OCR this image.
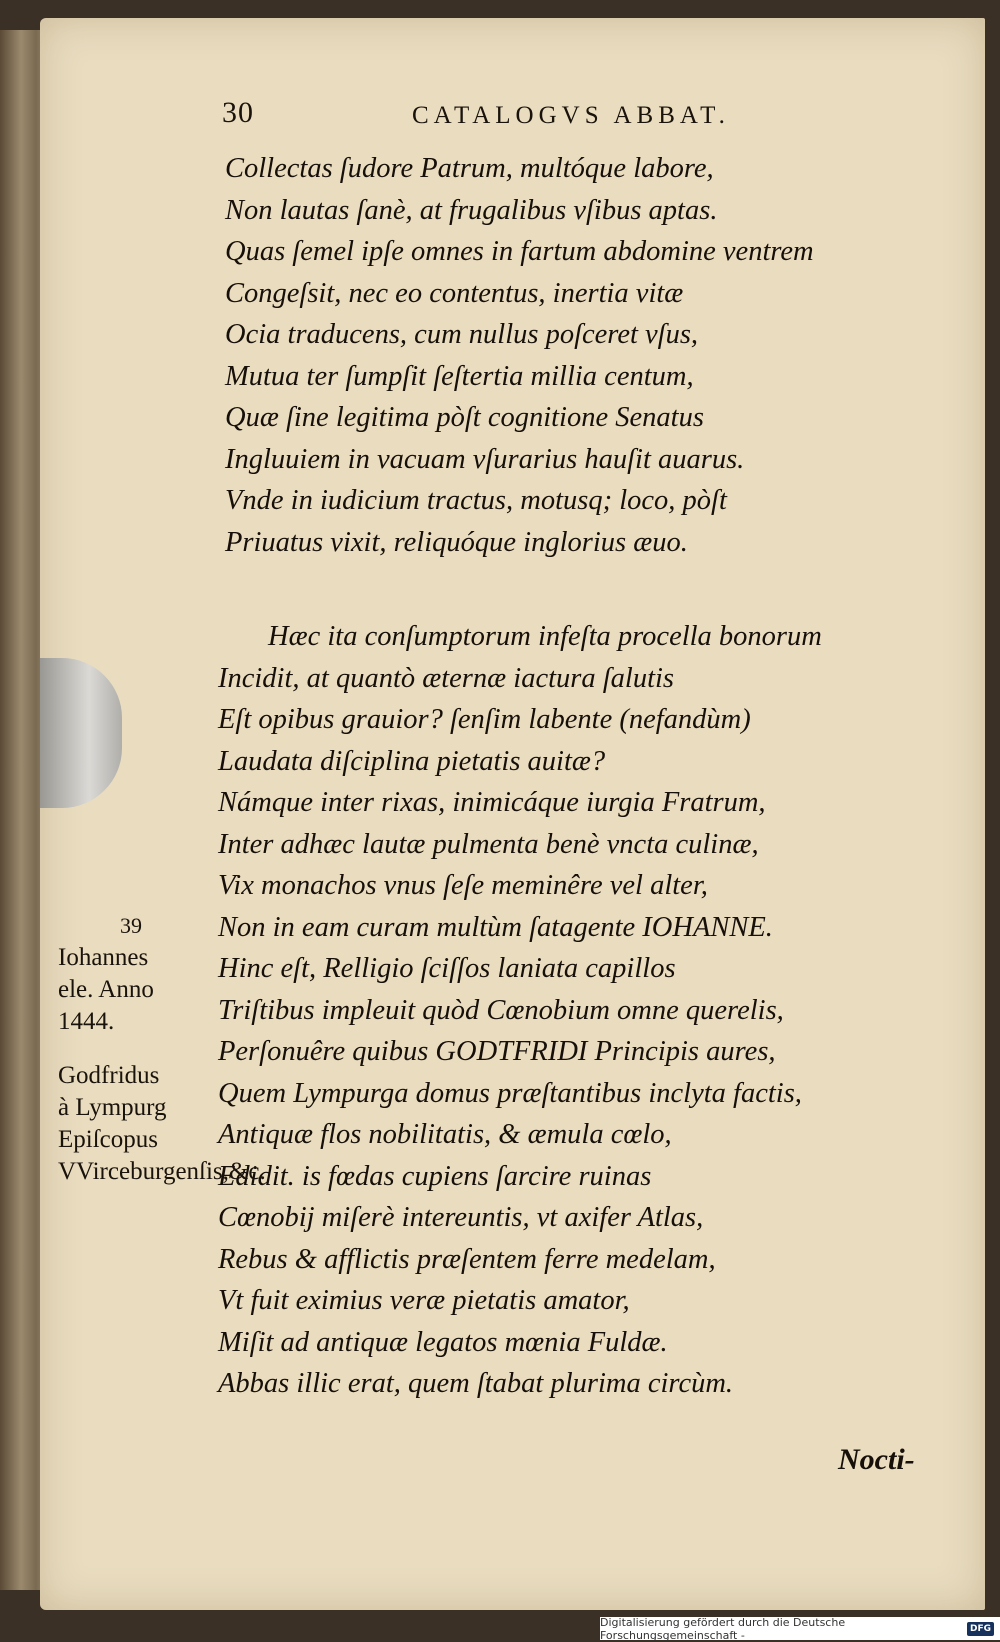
30	CATALOGVS ABBAT.
Collectas ſudore Patrum, multóque labore,
Non lautas ſanè, at frugalibus vſibus aptas.
Quas ſemel ipſe omnes in fartum abdomine ventrem
Congeſsit, nec eo contentus, inertia vitæ
Ocia traducens, cum nullus poſceret vſus,
Mutua ter ſumpſit ſeſtertia millia centum,
Quæ ſine legitima pòſt cognitione Senatus
Ingluuiem in vacuam vſurarius hauſit auarus.
Vnde in iudicium tractus, motusq; loco, pòſt
Priuatus vixit, reliquóque inglorius æuo.
Hæc ita conſumptorum infeſta procella bonorum
Incidit, at quantò æternæ iactura ſalutis
Eſt opibus grauior? ſenſim labente (nefandùm)
Laudata diſciplina pietatis auitæ?
Námque inter rixas, inimicáque iurgia Fratrum,
Inter adhæc lautæ pulmenta benè vncta culinæ,
Vix monachos vnus ſeſe meminêre vel alter,
Non in eam curam multùm ſatagente IOHANNE.
Hinc eſt, Relligio ſciſſos laniata capillos
Triſtibus impleuit quòd Cœnobium omne querelis,
Perſonuêre quibus GODTFRIDI Principis aures,
Quem Lympurga domus præſtantibus inclyta factis,
Antiquæ flos nobilitatis, & æmula cœlo,
Edidit. is fœdas cupiens ſarcire ruinas
Cœnobij miſerè intereuntis, vt axifer Atlas,
Rebus & afflictis præſentem ferre medelam,
Vt fuit eximius veræ pietatis amator,
Miſit ad antiquæ legatos mœnia Fuldæ.
Abbas illic erat, quem ſtabat plurima circùm.
39
Iohannes
ele. Anno
1444.
Godfridus
à Lympurg
Epiſcopus
VVirceburgenſis,&c.
Nocti-
Digitalisierung gefördert durch die Deutsche Forschungsgemeinschaft -	DFG
